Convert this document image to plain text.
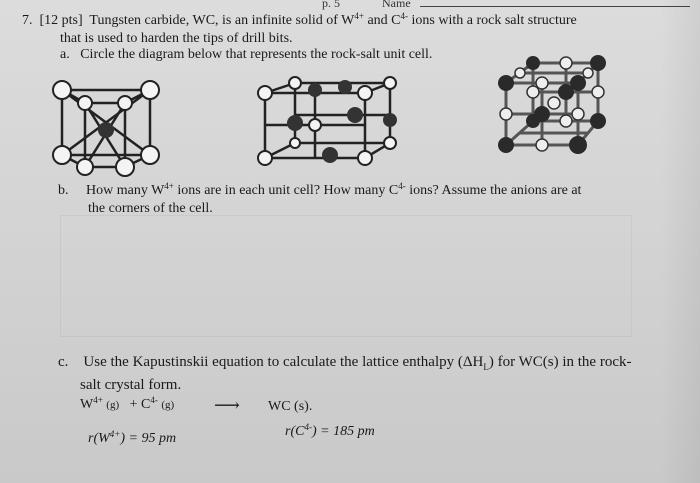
p. 5	Name
7. [12 pts] Tungsten carbide, WC, is an infinite solid of $W^{4+}$ and $C^{4-}$ ions with a rock salt structure
that is used to harden the tips of drill bits.
a. Circle the diagram below that represents the rock-salt unit cell.
b. How many $W^{4+}$ ions are in each unit cell? How many $C^{4-}$ ions? Assume the anions are at
the corners of the cell.
c. Use the Kapustinskii equation to calculate the lattice enthalpy $(\Delta H_L)$ for WC(s) in the rock-
salt crystal form.
$W^{4+}$ $(g) + C^{4-}$ (g) ⟶ WC (s).
$r(W^{4+}) = 95$ pm	$r(C^{4-}) = 185$ pm
